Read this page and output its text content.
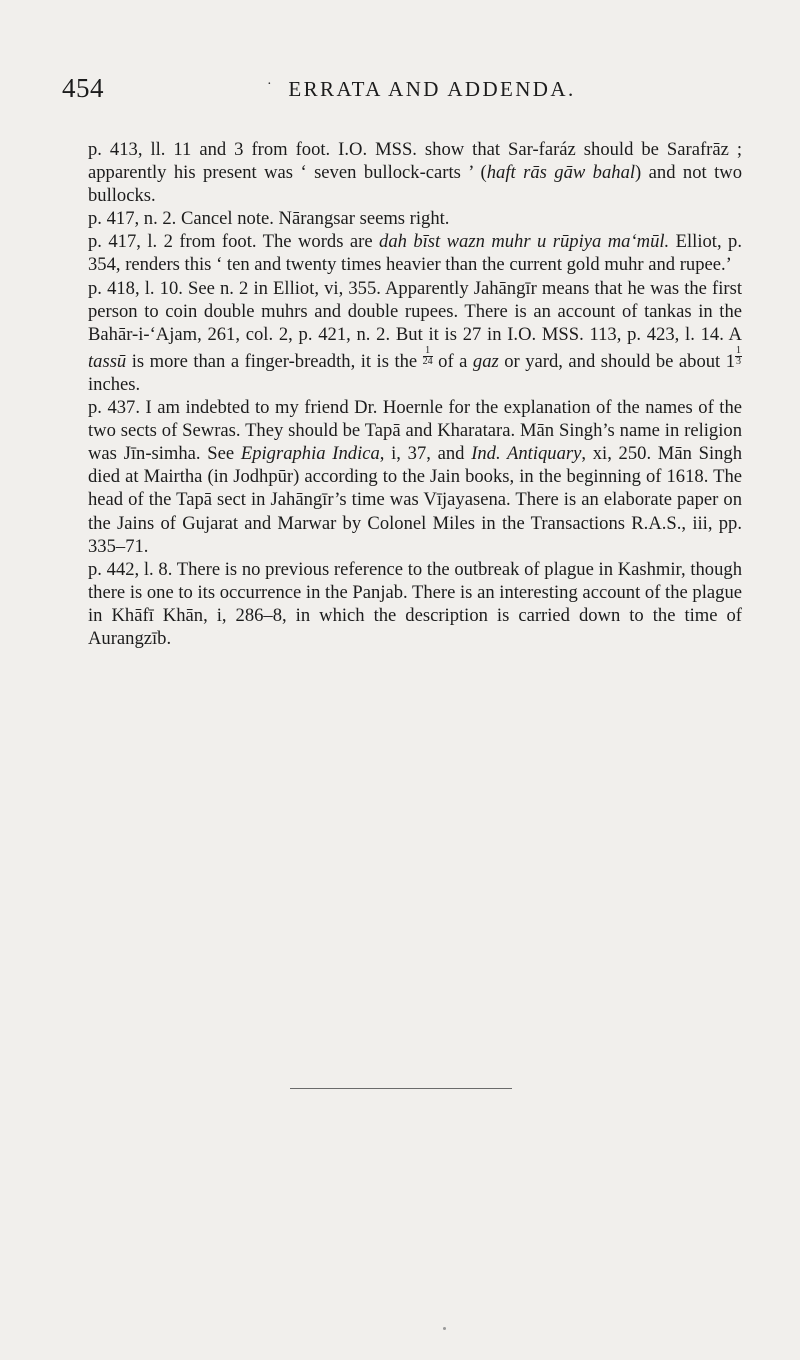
454	· ERRATA AND ADDENDA.

p. 413, ll. 11 and 3 from foot. I.O. MSS. show that Sar-faráz should be Sarafrāz ; apparently his present was ‘ seven bullock-carts ’ (haft rās gāw bahal) and not two bullocks.

p. 417, n. 2. Cancel note. Nārangsar seems right.

p. 417, l. 2 from foot. The words are dah bīst wazn muhr u rūpiya ma‘mūl. Elliot, p. 354, renders this ‘ ten and twenty times heavier than the current gold muhr and rupee.’

p. 418, l. 10. See n. 2 in Elliot, vi, 355. Apparently Jahāngīr means that he was the first person to coin double muhrs and double rupees. There is an account of tankas in the Bahār-i-‘Ajam, 261, col. 2, p. 421, n. 2. But it is 27 in I.O. MSS. 113, p. 423, l. 14. A tassū is more than a finger-breadth, it is the $\frac{1}{24}$ of a gaz or yard, and should be about $1 \frac{1}{3}$
inches.

p. 437. I am indebted to my friend Dr. Hoernle for the explanation of the names of the two sects of Sewras. They should be Tapā and Kharatara. Mān Singh’s name in religion was Jīn-simha. See Epigraphia Indica, i, 37, and Ind. Antiquary, xi, 250. Mān Singh died at Mairtha (in Jodhpūr) according to the Jain books, in the beginning of 1618. The head of the Tapā sect in Jahāngīr’s time was Vījayasena. There is an elaborate paper on the Jains of Gujarat and Marwar by Colonel Miles in the Transactions R.A.S., iii, pp. 335–71.

p. 442, l. 8. There is no previous reference to the outbreak of plague in Kashmir, though there is one to its occurrence in the Panjab. There is an interesting account of the plague in Khāfī Khān, i, 286–8, in which the description is carried down to the time of Aurangzīb.
